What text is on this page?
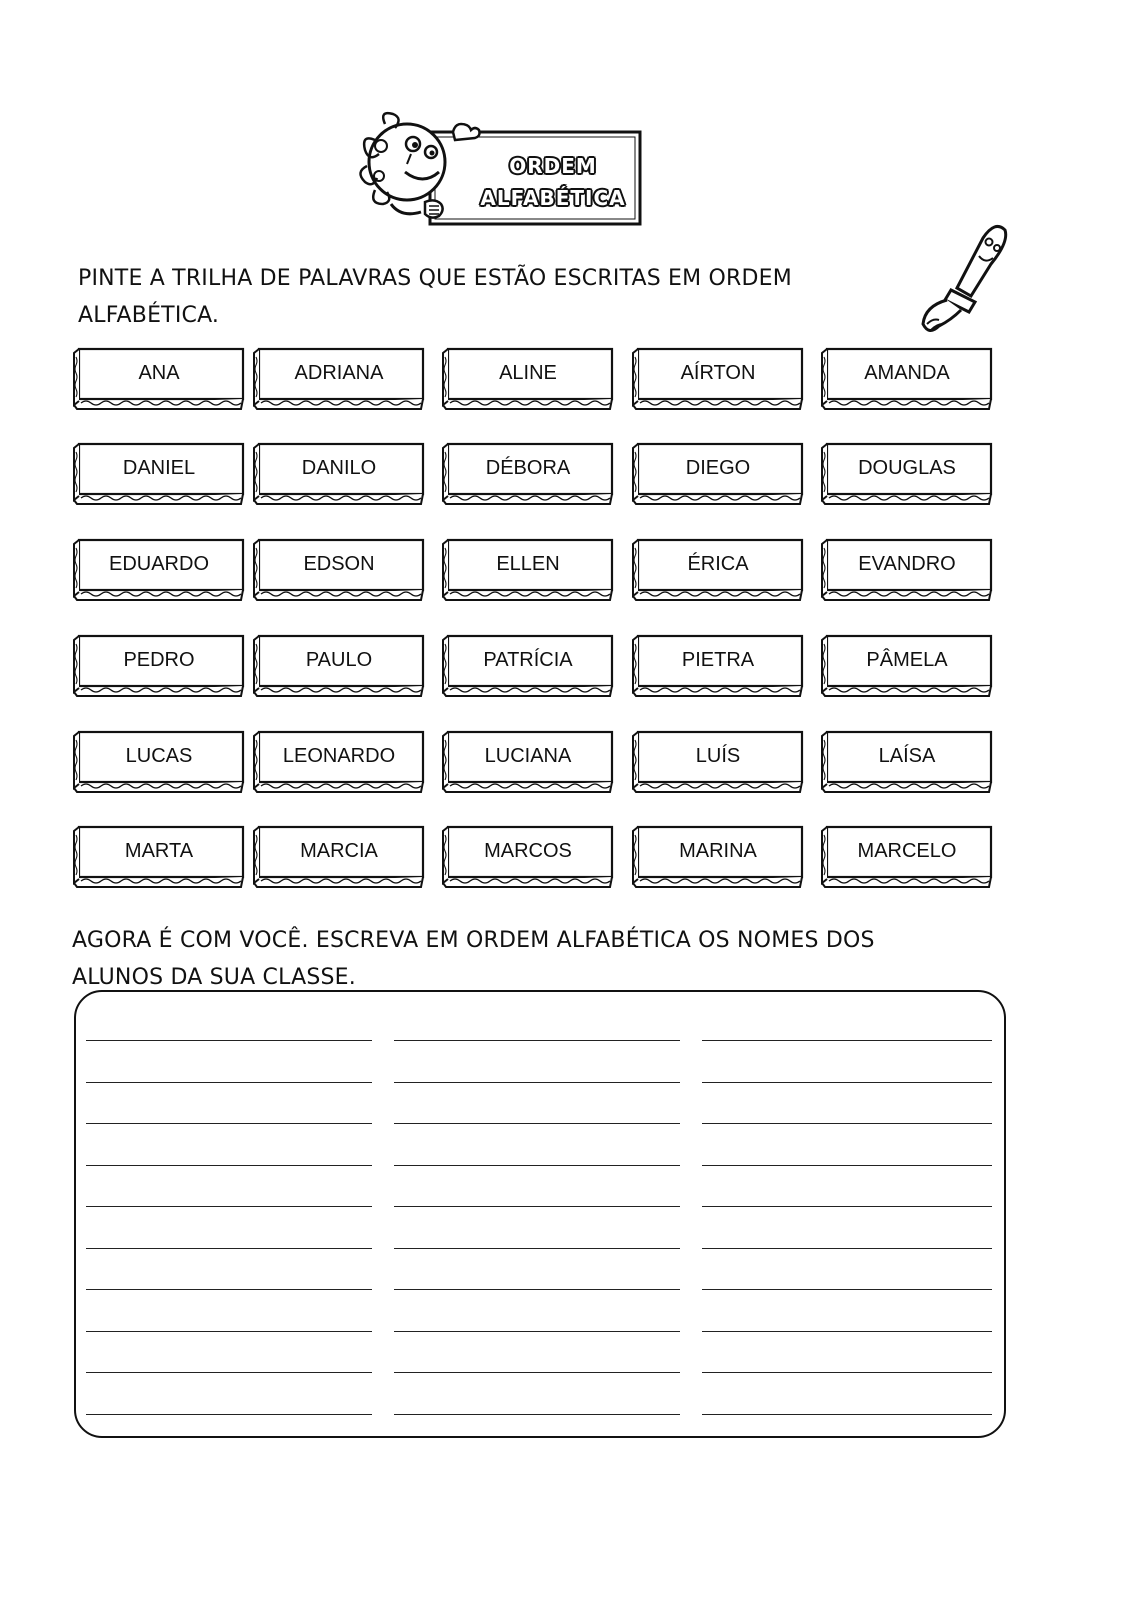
ORDEM
ALFABÉTICA
PINTE A TRILHA DE PALAVRAS QUE ESTÃO ESCRITAS EM ORDEM
ALFABÉTICA.
ANA	ADRIANA	ALINE	AÍRTON	AMANDA
DANIEL	DANILO	DÉBORA	DIEGO	DOUGLAS
EDUARDO	EDSON	ELLEN	ÉRICA	EVANDRO
PEDRO	PAULO	PATRÍCIA	PIETRA	PÂMELA
LUCAS	LEONARDO	LUCIANA	LUÍS	LAÍSA
MARTA	MARCIA	MARCOS	MARINA	MARCELO
AGORA É COM VOCÊ. ESCREVA EM ORDEM ALFABÉTICA OS NOMES DOS
ALUNOS DA SUA CLASSE.
